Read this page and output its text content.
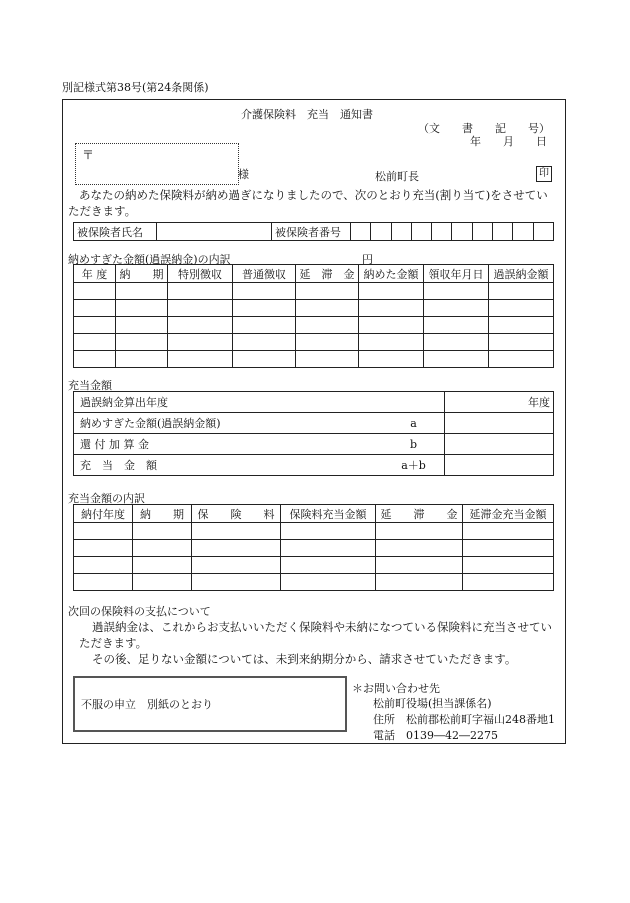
別記様式第38号(第24条関係)
介護保険料　充当　通知書
（文　　書　　記　　号）
年　　月　　日
〒
様	松前町長	印
あなたの納めた保険料が納め過ぎになりましたので、次のとおり充当(割り当て)をさせてい
ただきます。
被保険者氏名		被保険者番号										
納めすぎた金額(過誤納金)の内訳	円
年 度	納　　期	特別徴収	普通徴収	延　滞　金	納めた金額	領収年月日	過誤納金額

充当金額
過誤納金算出年度		年度
納めすぎた金額(過誤納金額)	a	
還 付 加 算 金	b	
充　当　金　額	a＋b	
充当金額の内訳
納付年度	納　　期	保　　険　　料	保険料充当金額	延　　滞　　金	延滞金充当金額

次回の保険料の支払について
過誤納金は、これからお支払いいただく保険料や未納になつている保険料に充当させてい
ただきます。
その後、足りない金額については、未到来納期分から、請求させていただきます。
不服の申立　別紙のとおり
＊お問い合わせ先
松前町役場(担当課係名)
住所　松前郡松前町字福山248番地1
電話　0139―42―2275
